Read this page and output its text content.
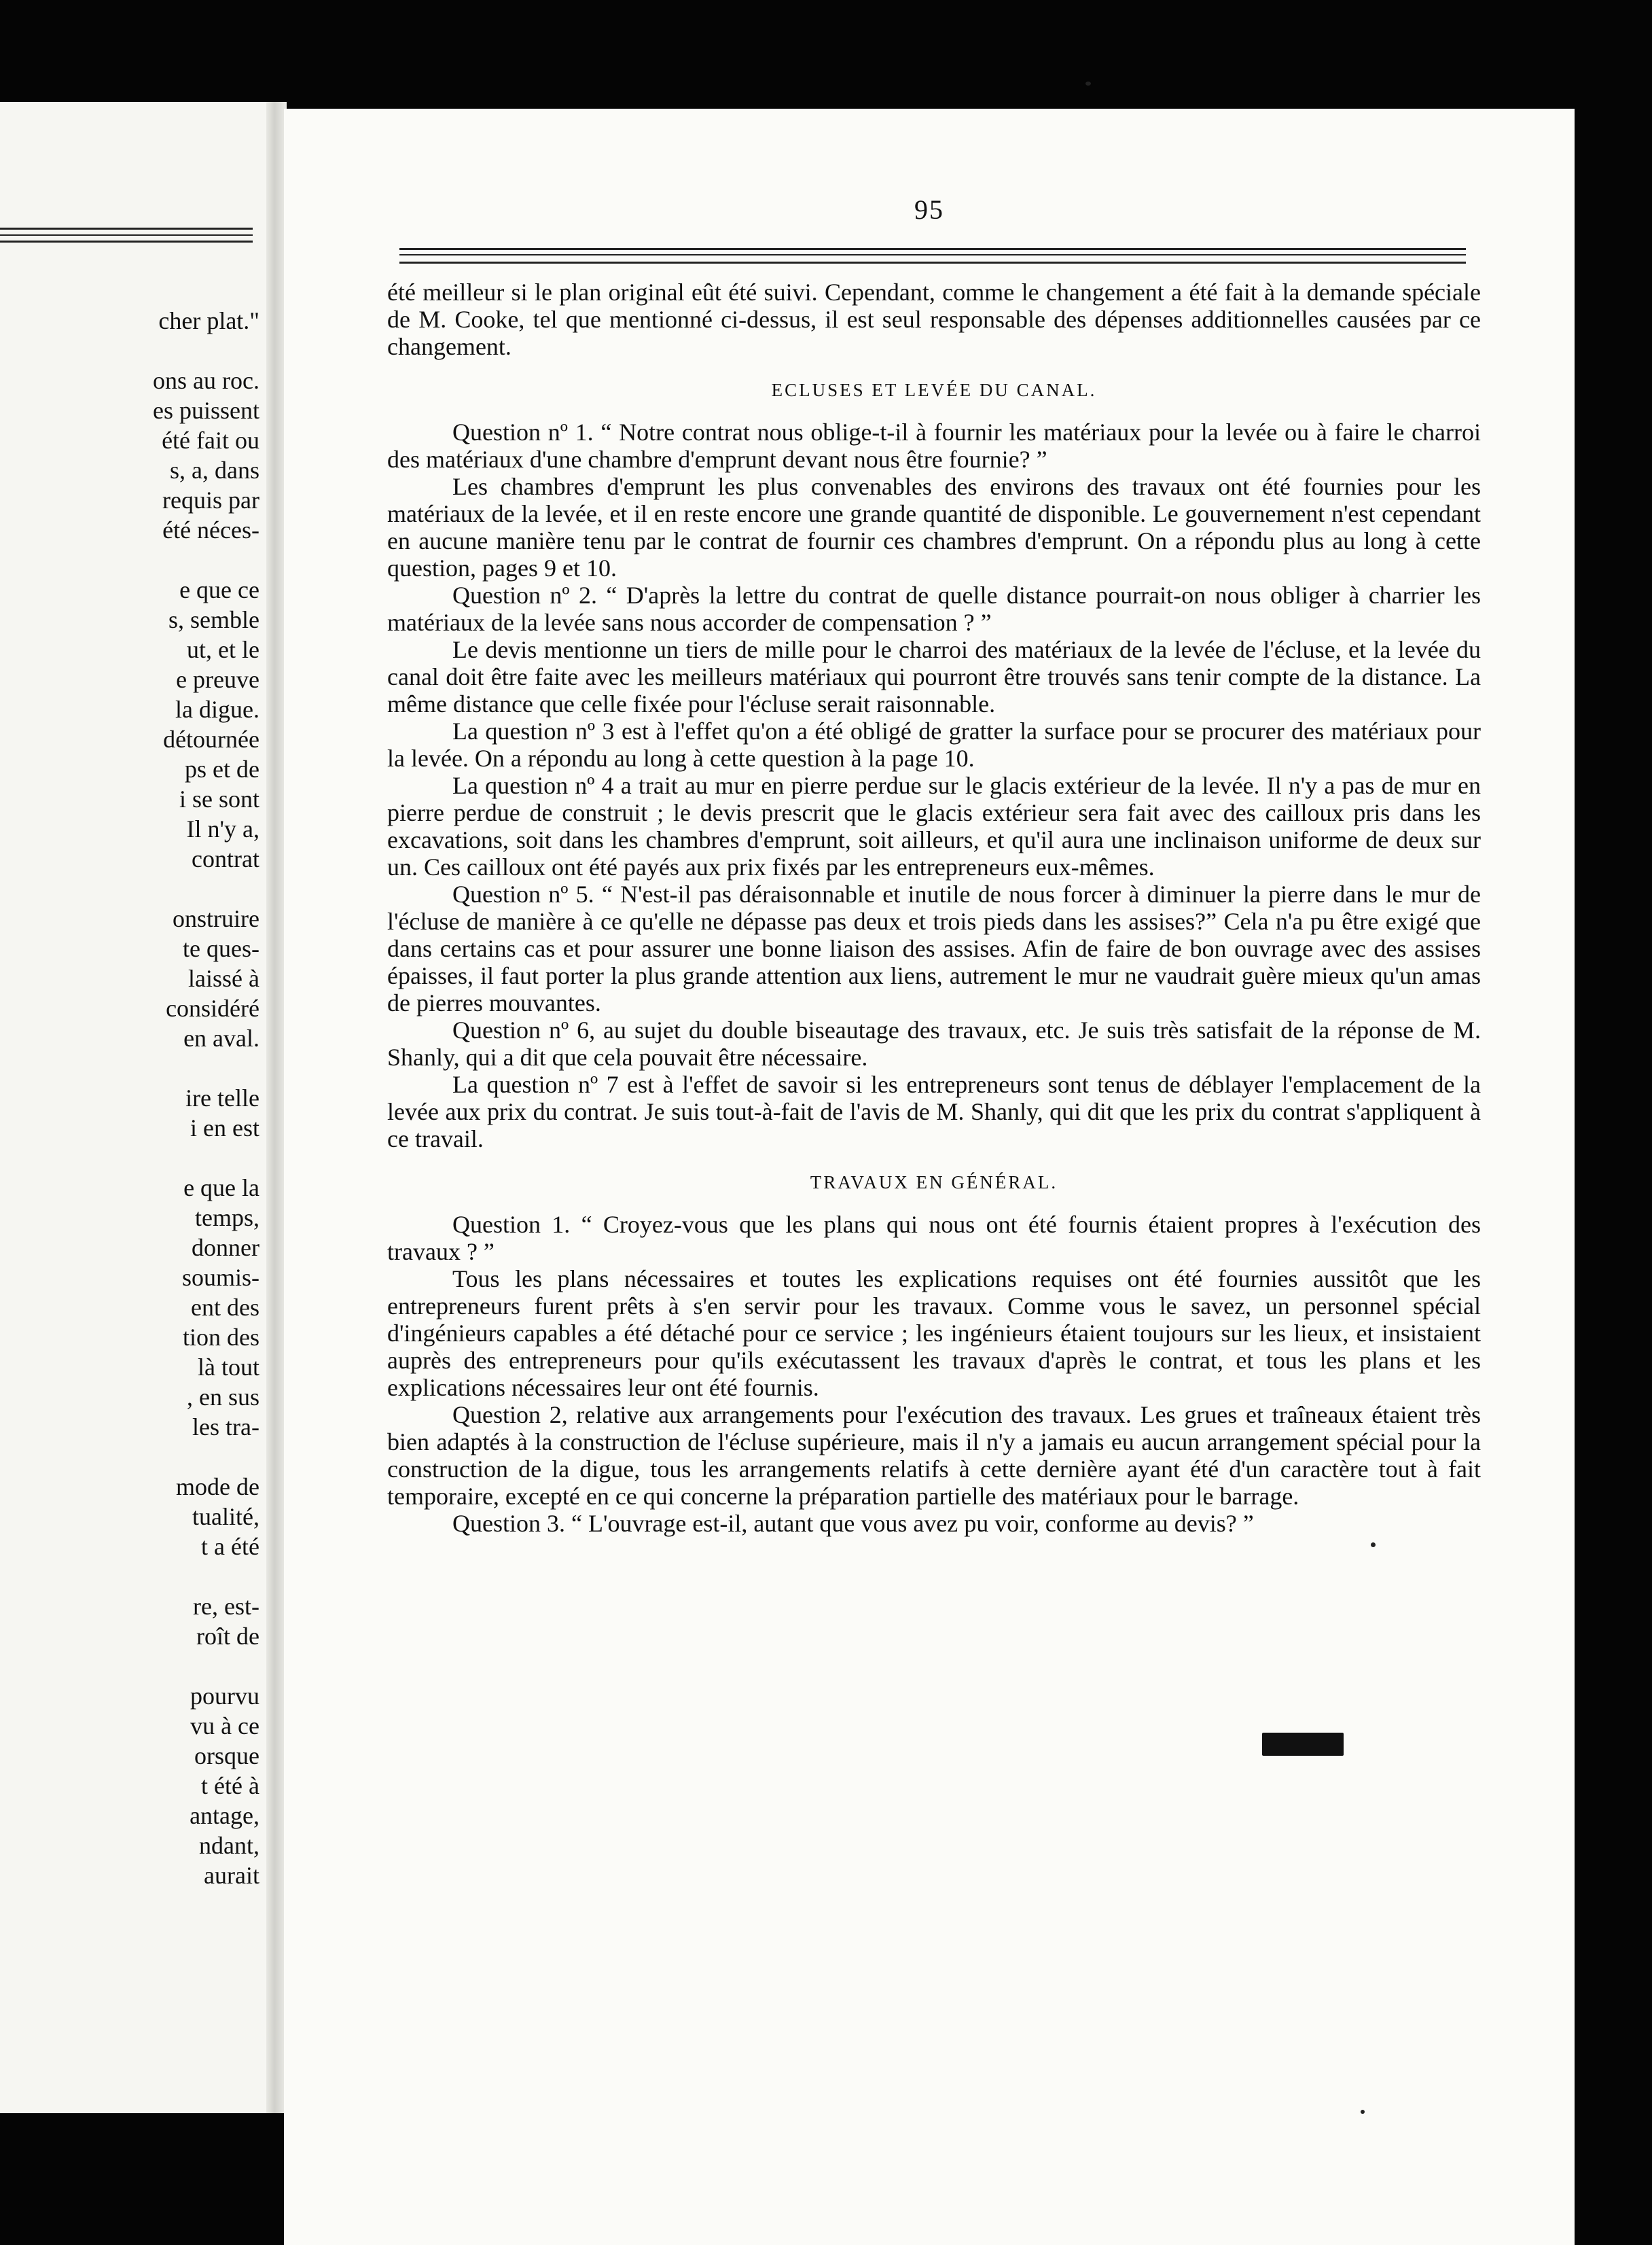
cher plat."
ons au roc.
es puissent
été fait ou
s, a, dans
requis par
été néces-
e que ce
s, semble
ut, et le
e preuve
la digue.
détournée
ps et de
i se sont
Il n'y a,
contrat
onstruire
te ques-
laissé à
considéré
en aval.
ire telle
i en est
e que la
temps,
donner
soumis-
ent des
tion des
là tout
, en sus
les tra-
mode de
tualité,
t a été
re, est-
roît de
pourvu
vu à ce
orsque
t été à
antage,
ndant,
aurait
95

été meilleur si le plan original eût été suivi. Cependant, comme le changement a été fait à la demande spéciale de M. Cooke, tel que mentionné ci-dessus, il est seul responsable des dépenses additionnelles causées par ce changement.

ECLUSES ET LEVÉE DU CANAL.

Question nº 1. “ Notre contrat nous oblige-t-il à fournir les matériaux pour la levée ou à faire le charroi des matériaux d'une chambre d'emprunt devant nous être fournie? ”

Les chambres d'emprunt les plus convenables des environs des travaux ont été fournies pour les matériaux de la levée, et il en reste encore une grande quantité de disponible. Le gouvernement n'est cependant en aucune manière tenu par le contrat de fournir ces chambres d'emprunt. On a répondu plus au long à cette question, pages 9 et 10.

Question nº 2. “ D'après la lettre du contrat de quelle distance pourrait-on nous obliger à charrier les matériaux de la levée sans nous accorder de compensation ? ”

Le devis mentionne un tiers de mille pour le charroi des matériaux de la levée de l'écluse, et la levée du canal doit être faite avec les meilleurs matériaux qui pourront être trouvés sans tenir compte de la distance. La même distance que celle fixée pour l'écluse serait raisonnable.

La question nº 3 est à l'effet qu'on a été obligé de gratter la surface pour se procurer des matériaux pour la levée. On a répondu au long à cette question à la page 10.

La question nº 4 a trait au mur en pierre perdue sur le glacis extérieur de la levée. Il n'y a pas de mur en pierre perdue de construit ; le devis prescrit que le glacis extérieur sera fait avec des cailloux pris dans les excavations, soit dans les chambres d'emprunt, soit ailleurs, et qu'il aura une inclinaison uniforme de deux sur un. Ces cailloux ont été payés aux prix fixés par les entrepreneurs eux-mêmes.

Question nº 5. “ N'est-il pas déraisonnable et inutile de nous forcer à diminuer la pierre dans le mur de l'écluse de manière à ce qu'elle ne dépasse pas deux et trois pieds dans les assises?” Cela n'a pu être exigé que dans certains cas et pour assurer une bonne liaison des assises. Afin de faire de bon ouvrage avec des assises épaisses, il faut porter la plus grande attention aux liens, autrement le mur ne vaudrait guère mieux qu'un amas de pierres mouvantes.

Question nº 6, au sujet du double biseautage des travaux, etc. Je suis très satisfait de la réponse de M. Shanly, qui a dit que cela pouvait être nécessaire.

La question nº 7 est à l'effet de savoir si les entrepreneurs sont tenus de déblayer l'emplacement de la levée aux prix du contrat. Je suis tout-à-fait de l'avis de M. Shanly, qui dit que les prix du contrat s'appliquent à ce travail.

TRAVAUX EN GÉNÉRAL.

Question 1. “ Croyez-vous que les plans qui nous ont été fournis étaient propres à l'exécution des travaux ? ”

Tous les plans nécessaires et toutes les explications requises ont été fournies aussitôt que les entrepreneurs furent prêts à s'en servir pour les travaux. Comme vous le savez, un personnel spécial d'ingénieurs capables a été détaché pour ce service ; les ingénieurs étaient toujours sur les lieux, et insistaient auprès des entrepreneurs pour qu'ils exécutassent les travaux d'après le contrat, et tous les plans et les explications nécessaires leur ont été fournis.

Question 2, relative aux arrangements pour l'exécution des travaux. Les grues et traîneaux étaient très bien adaptés à la construction de l'écluse supérieure, mais il n'y a jamais eu aucun arrangement spécial pour la construction de la digue, tous les arrangements relatifs à cette dernière ayant été d'un caractère tout à fait temporaire, excepté en ce qui concerne la préparation partielle des matériaux pour le barrage.

Question 3. “ L'ouvrage est-il, autant que vous avez pu voir, conforme au devis? ”
